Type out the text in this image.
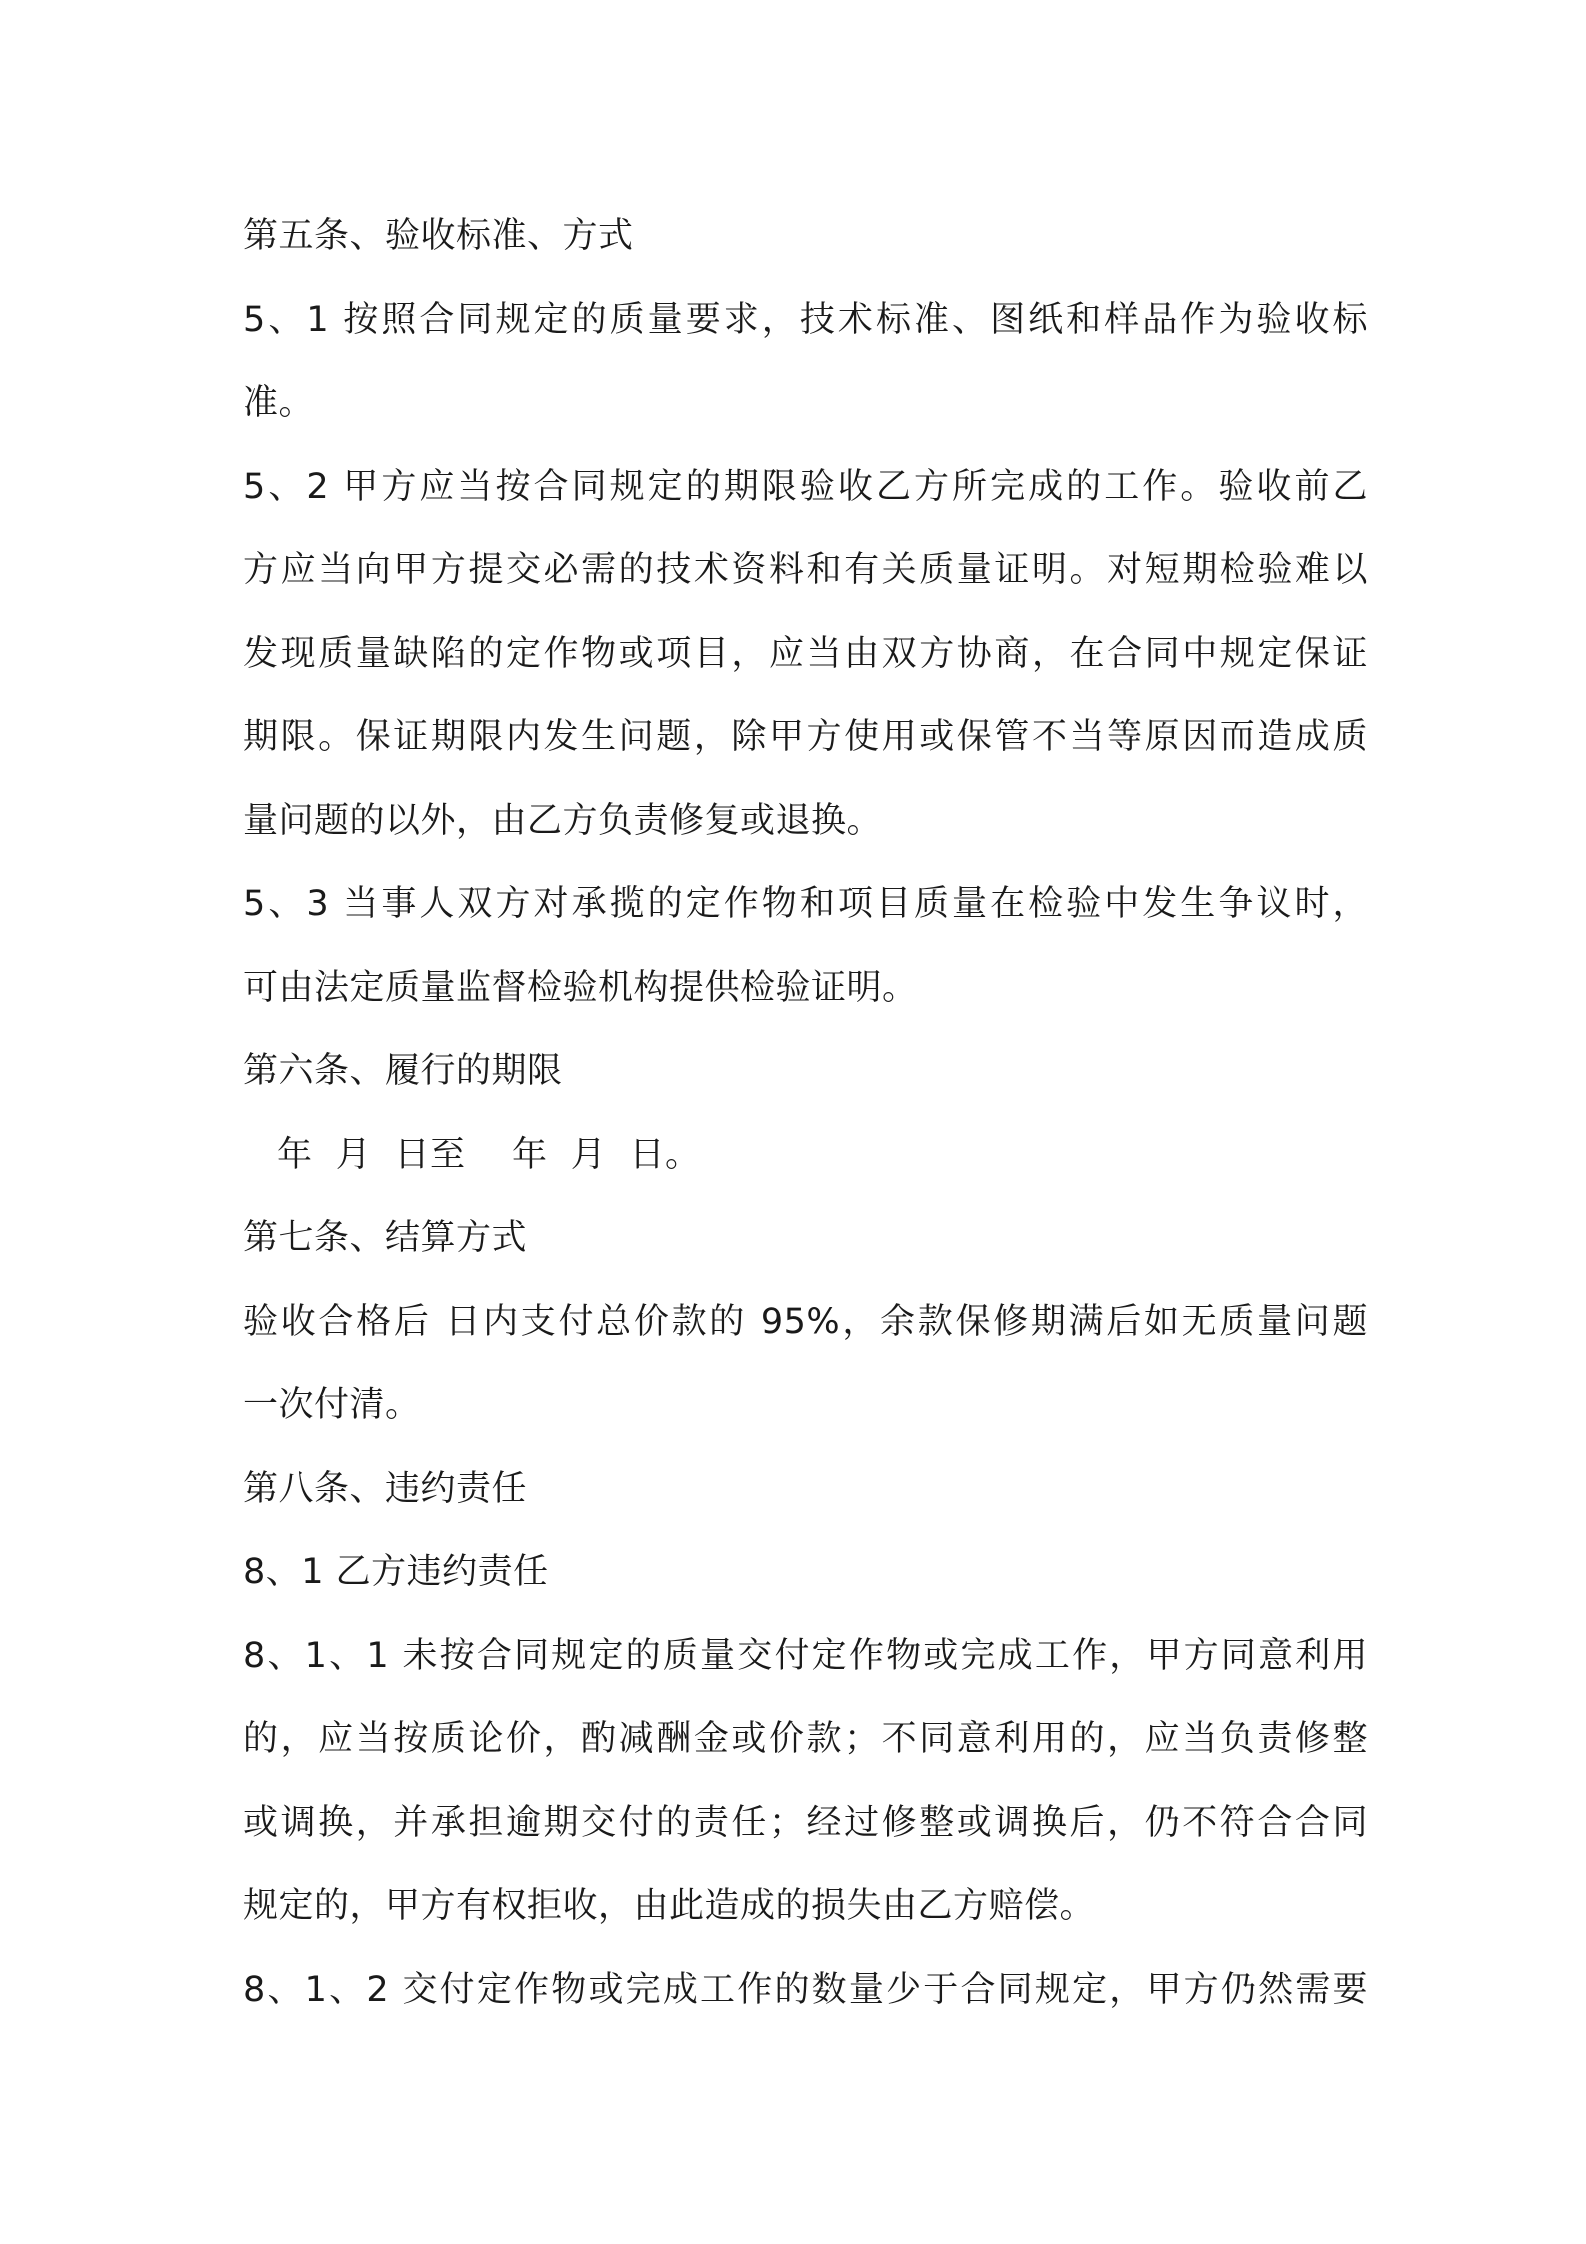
第五条、验收标准、方式
5、1 按照合同规定的质量要求，技术标准、图纸和样品作为验收标
准。
5、2 甲方应当按合同规定的期限验收乙方所完成的工作。验收前乙
方应当向甲方提交必需的技术资料和有关质量证明。对短期检验难以
发现质量缺陷的定作物或项目，应当由双方协商，在合同中规定保证
期限。保证期限内发生问题，除甲方使用或保管不当等原因而造成质
量问题的以外，由乙方负责修复或退换。
5、3 当事人双方对承揽的定作物和项目质量在检验中发生争议时，
可由法定质量监督检验机构提供检验证明。
第六条、履行的期限
年  月  日至    年  月  日。
第七条、结算方式
验收合格后 日内支付总价款的 95%，余款保修期满后如无质量问题
一次付清。
第八条、违约责任
8、1 乙方违约责任
8、1、1 未按合同规定的质量交付定作物或完成工作，甲方同意利用
的，应当按质论价，酌减酬金或价款；不同意利用的，应当负责修整
或调换，并承担逾期交付的责任；经过修整或调换后，仍不符合合同
规定的，甲方有权拒收，由此造成的损失由乙方赔偿。
8、1、2 交付定作物或完成工作的数量少于合同规定，甲方仍然需要
